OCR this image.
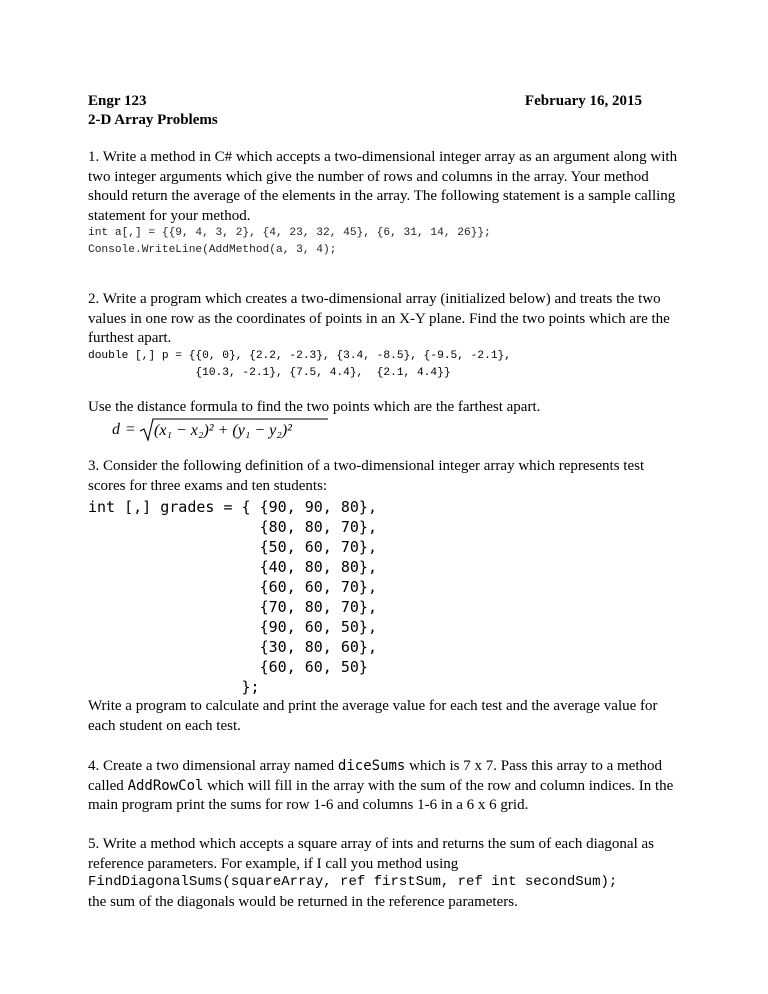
Engr 123	February 16, 2015
2-D Array Problems

1. Write a method in C# which accepts a two-dimensional integer array as an argument along with two integer arguments which give the number of rows and columns in the array. Your method should return the average of the elements in the array. The following statement is a sample calling statement for your method.

int a[,] = {{9, 4, 3, 2}, {4, 23, 32, 45}, {6, 31, 14, 26}};
Console.WriteLine(AddMethod(a, 3, 4);

2. Write a program which creates a two-dimensional array (initialized below) and treats the two values in one row as the coordinates of points in an X-Y plane. Find the two points which are the furthest apart.

double [,] p = {{0, 0}, {2.2, -2.3}, {3.4, -8.5}, {-9.5, -2.1},
{10.3, -2.1}, {7.5, 4.4},  {2.1, 4.4}}

Use the distance formula to find the two points which are the farthest apart.

d = (x₁ − x₂)² + (y₁ − y₂)²

3. Consider the following definition of a two-dimensional integer array which represents test scores for three exams and ten students:

int [,] grades = { {90, 90, 80},
{80, 80, 70},
{50, 60, 70},
{40, 80, 80},
{60, 60, 70},
{70, 80, 70},
{90, 60, 50},
{30, 80, 60},
{60, 60, 50}
};

Write a program to calculate and print the average value for each test and the average value for each student on each test.

4. Create a two dimensional array named diceSums which is 7 x 7. Pass this array to a method called AddRowCol which will fill in the array with the sum of the row and column indices. In the main program print the sums for row 1-6 and columns 1-6 in a 6 x 6 grid.

5. Write a method which accepts a square array of ints and returns the sum of each diagonal as reference parameters. For example, if I call you method using

FindDiagonalSums(squareArray, ref firstSum, ref int secondSum);

the sum of the diagonals would be returned in the reference parameters.
